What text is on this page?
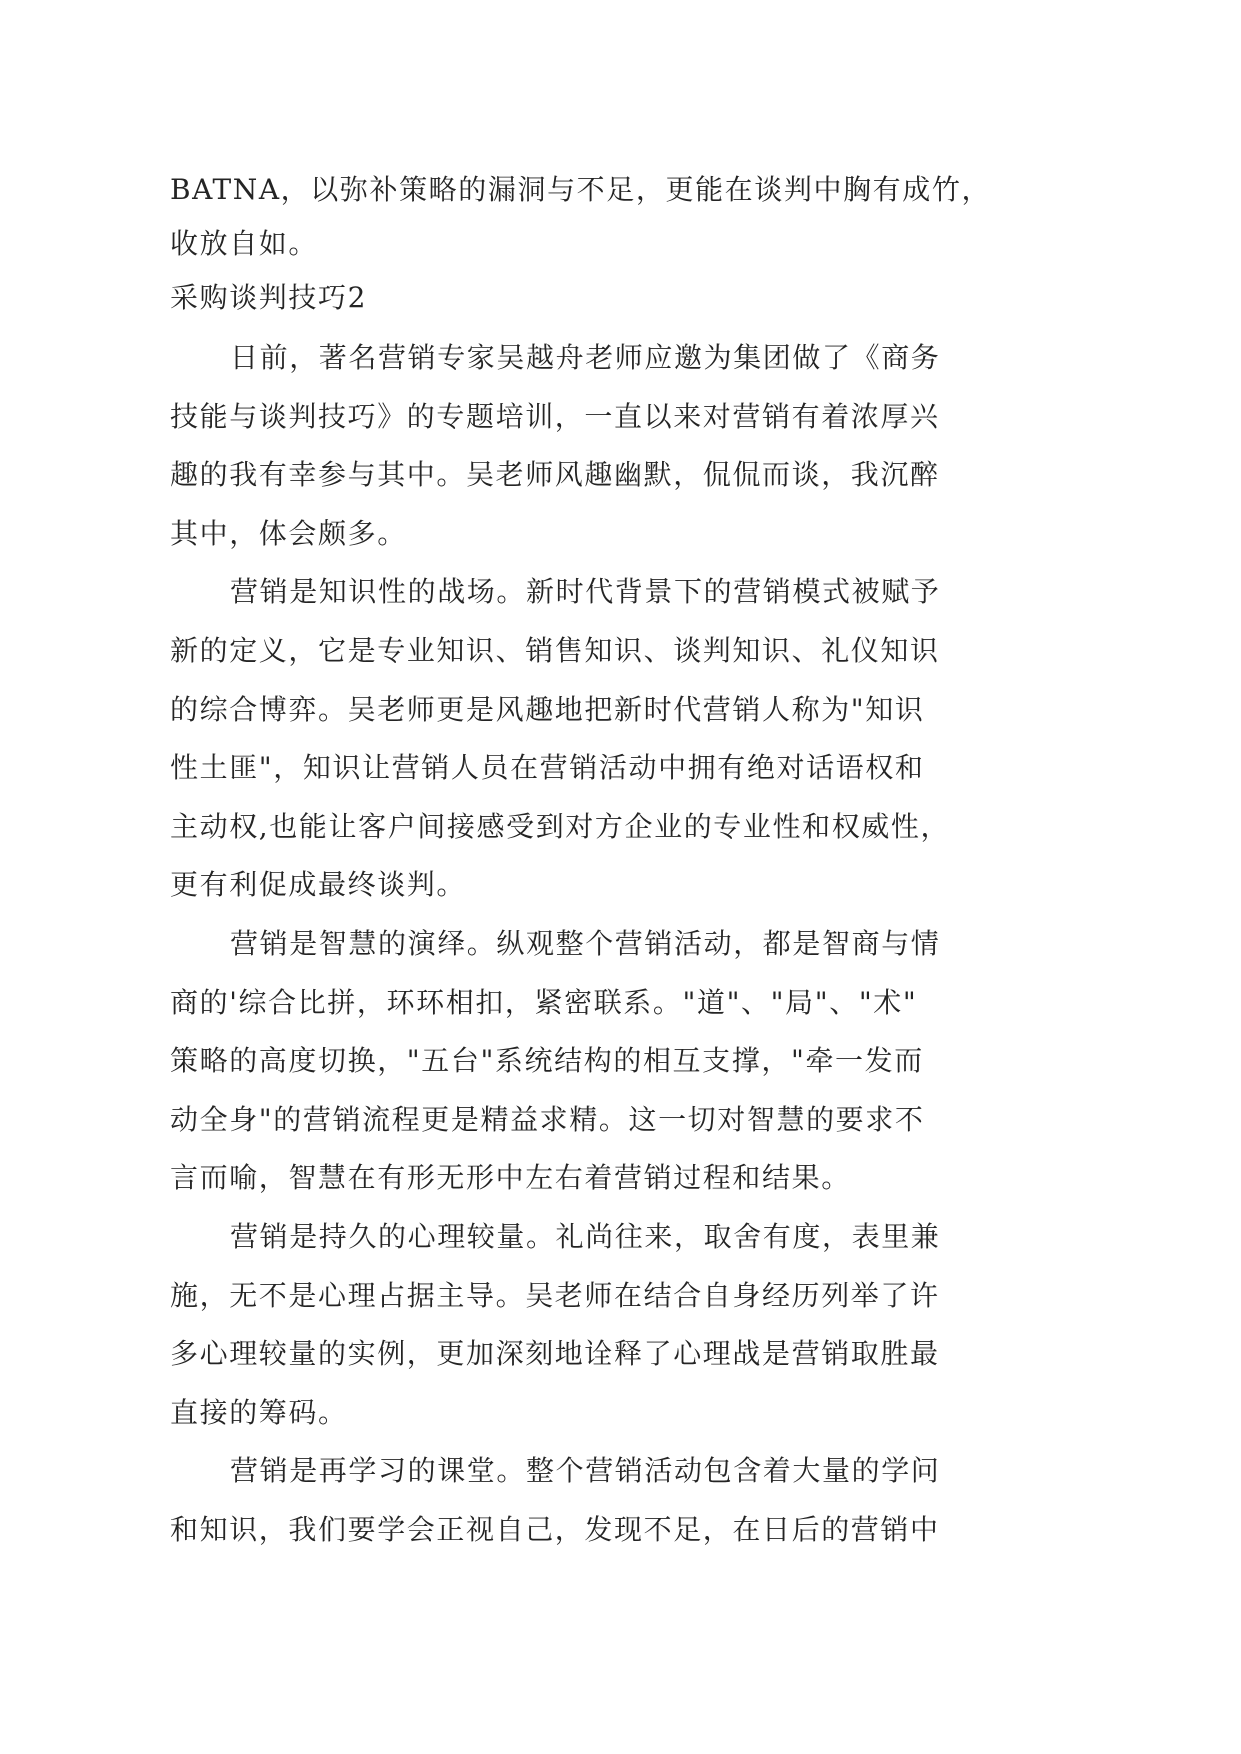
BATNA，以弥补策略的漏洞与不足，更能在谈判中胸有成竹，
收放自如。
采购谈判技巧2
日前，著名营销专家吴越舟老师应邀为集团做了《商务
技能与谈判技巧》的专题培训，一直以来对营销有着浓厚兴
趣的我有幸参与其中。吴老师风趣幽默，侃侃而谈，我沉醉
其中，体会颇多。
营销是知识性的战场。新时代背景下的营销模式被赋予
新的定义，它是专业知识、销售知识、谈判知识、礼仪知识
的综合博弈。吴老师更是风趣地把新时代营销人称为"知识
性土匪"，知识让营销人员在营销活动中拥有绝对话语权和
主动权,也能让客户间接感受到对方企业的专业性和权威性，
更有利促成最终谈判。
营销是智慧的演绎。纵观整个营销活动，都是智商与情
商的'综合比拼，环环相扣，紧密联系。"道"、"局"、"术"
策略的高度切换，"五台"系统结构的相互支撑，"牵一发而
动全身"的营销流程更是精益求精。这一切对智慧的要求不
言而喻，智慧在有形无形中左右着营销过程和结果。
营销是持久的心理较量。礼尚往来，取舍有度，表里兼
施，无不是心理占据主导。吴老师在结合自身经历列举了许
多心理较量的实例，更加深刻地诠释了心理战是营销取胜最
直接的筹码。
营销是再学习的课堂。整个营销活动包含着大量的学问
和知识，我们要学会正视自己，发现不足，在日后的营销中
